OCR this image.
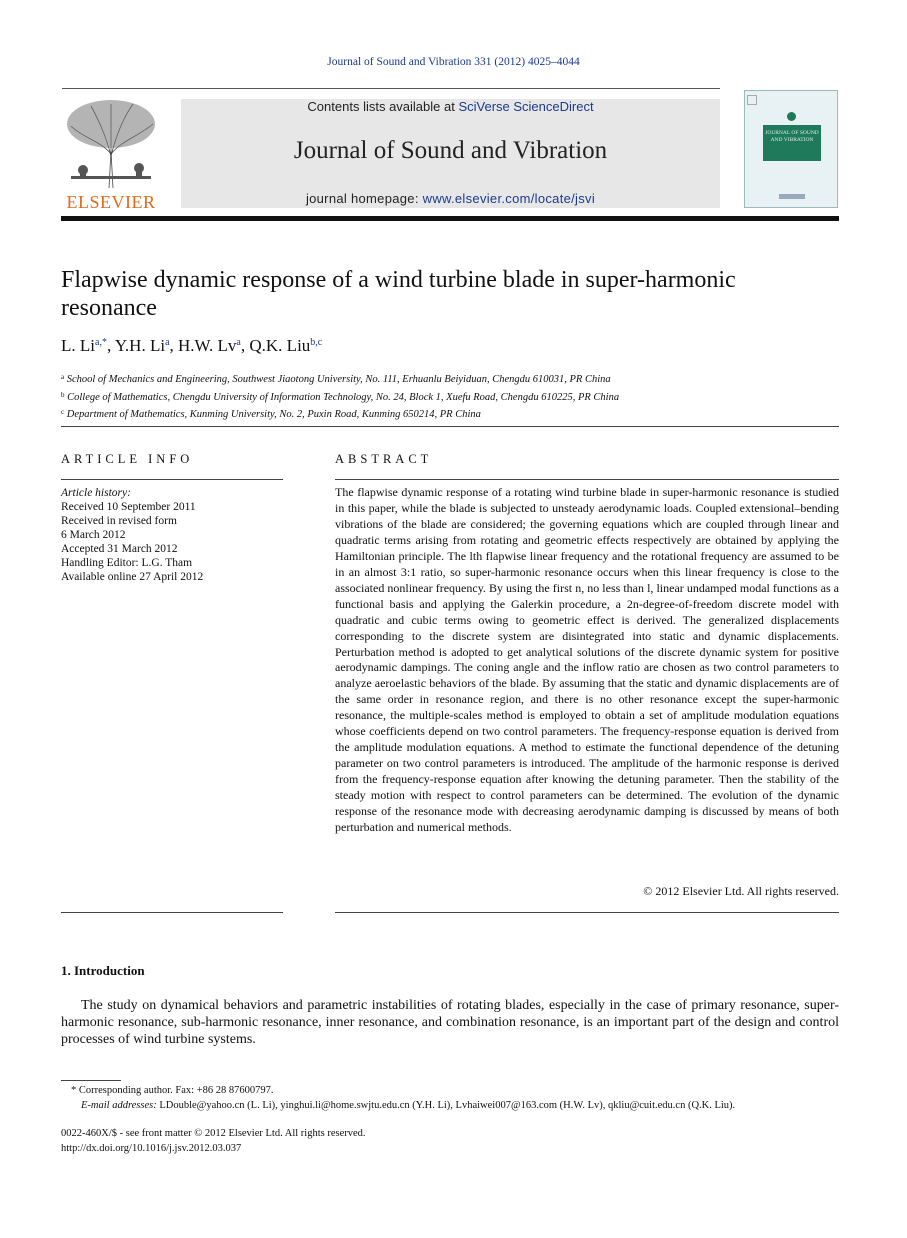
Journal of Sound and Vibration 331 (2012) 4025–4044
ELSEVIER
Contents lists available at SciVerse ScienceDirect
Journal of Sound and Vibration
journal homepage: www.elsevier.com/locate/jsvi
JOURNAL OF SOUND AND VIBRATION
Flapwise dynamic response of a wind turbine blade in super-harmonic resonance
L. $Li^{a,*}$, Y.H. Li$^a$, H.W. Lv$^a$, Q.K. Liu$^{b,c}$
$^a$ School of Mechanics and Engineering, Southwest Jiaotong University, No. 111, Erhuanlu Beiyiduan, Chengdu 610031, PR China
$^b$ College of Mathematics, Chengdu University of Information Technology, No. 24, Block 1, Xuefu Road, Chengdu 610225, PR China
$^c$ Department of Mathematics, Kunming University, No. 2, Puxin Road, Kunming 650214, PR China
ARTICLE INFO	ABSTRACT
Article history:
Received 10 September 2011
Received in revised form
6 March 2012
Accepted 31 March 2012
Handling Editor: L.G. Tham
Available online 27 April 2012
The flapwise dynamic response of a rotating wind turbine blade in super-harmonic resonance is studied in this paper, while the blade is subjected to unsteady aerodynamic loads. Coupled extensional–bending vibrations of the blade are considered; the governing equations which are coupled through linear and quadratic terms arising from rotating and geometric effects respectively are obtained by applying the Hamiltonian principle. The lth flapwise linear frequency and the rotational frequency are assumed to be in an almost 3:1 ratio, so super-harmonic resonance occurs when this linear frequency is close to the associated nonlinear frequency. By using the first n, no less than l, linear undamped modal functions as a functional basis and applying the Galerkin procedure, a 2n-degree-of-freedom discrete model with quadratic and cubic terms owing to geometric effect is derived. The generalized displacements corresponding to the discrete system are disintegrated into static and dynamic displacements. Perturbation method is adopted to get analytical solutions of the discrete dynamic system for positive aerodynamic dampings. The coning angle and the inflow ratio are chosen as two control parameters to analyze aeroelastic behaviors of the blade. By assuming that the static and dynamic displacements are of the same order in resonance region, and there is no other resonance except the super-harmonic resonance, the multiple-scales method is employed to obtain a set of amplitude modulation equations whose coefficients depend on two control parameters. The frequency-response equation is derived from the amplitude modulation equations. A method to estimate the functional dependence of the detuning parameter on two control parameters is introduced. The amplitude of the harmonic response is derived from the frequency-response equation after knowing the detuning parameter. Then the stability of the steady motion with respect to control parameters can be determined. The evolution of the dynamic response of the resonance mode with decreasing aerodynamic damping is discussed by means of both perturbation and numerical methods.
© 2012 Elsevier Ltd. All rights reserved.
1. Introduction
The study on dynamical behaviors and parametric instabilities of rotating blades, especially in the case of primary resonance, super-harmonic resonance, sub-harmonic resonance, inner resonance, and combination resonance, is an important part of the design and control processes of wind turbine systems.
* Corresponding author. Fax: +86 28 87600797.
E-mail addresses: LDouble@yahoo.cn (L. Li), yinghui.li@home.swjtu.edu.cn (Y.H. Li), Lvhaiwei007@163.com (H.W. Lv), qkliu@cuit.edu.cn (Q.K. Liu).
0022-460X/$ - see front matter © 2012 Elsevier Ltd. All rights reserved.
http://dx.doi.org/10.1016/j.jsv.2012.03.037
